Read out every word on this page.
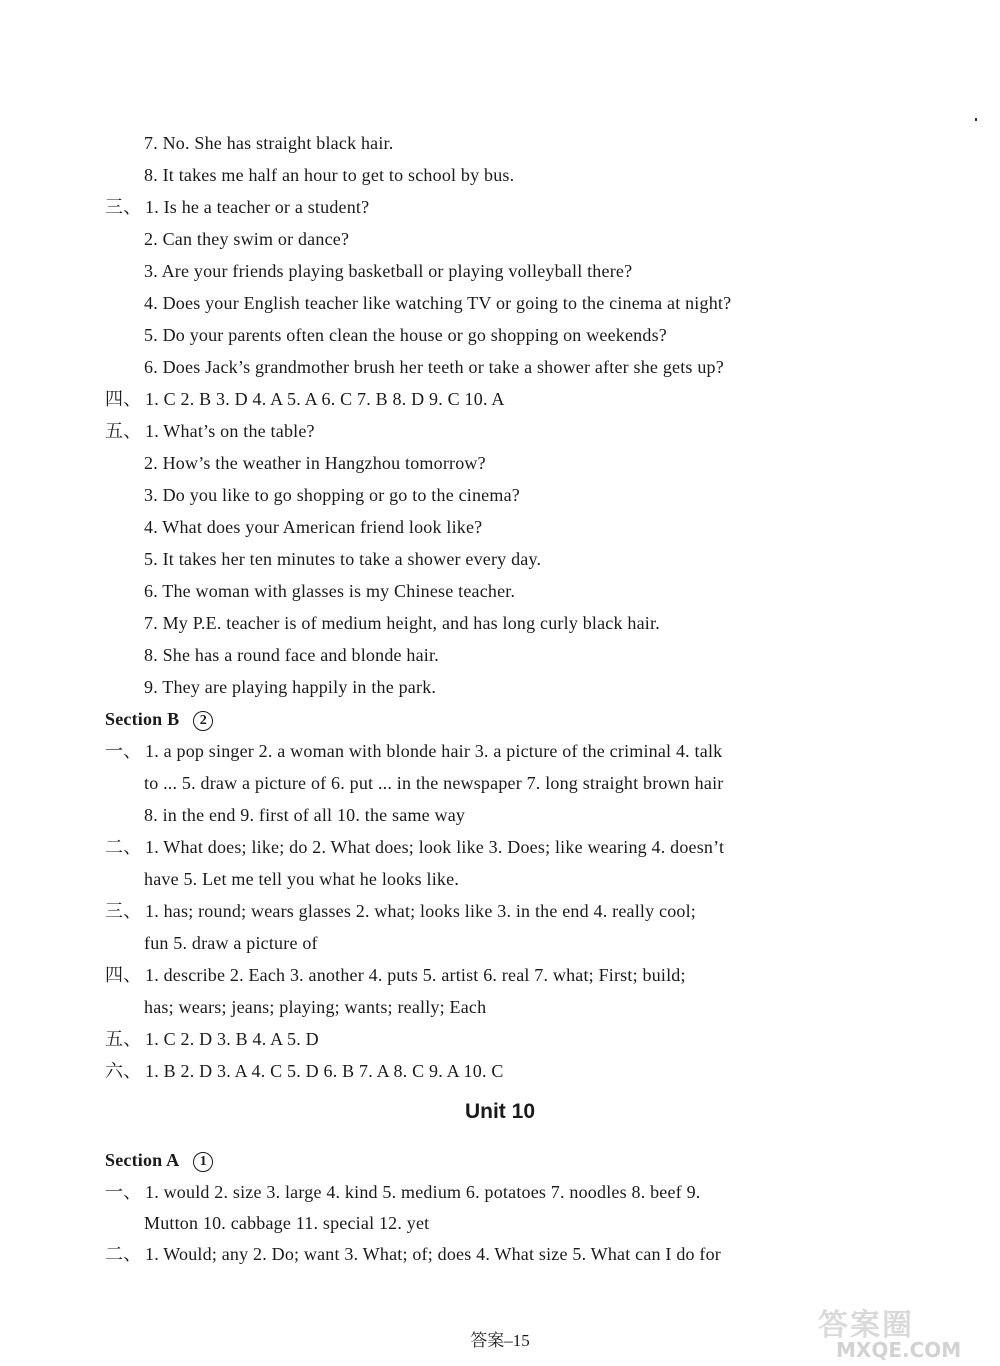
7. No. She has straight black hair.
8. It takes me half an hour to get to school by bus.
三、 1. Is he a teacher or a student?
2. Can they swim or dance?
3. Are your friends playing basketball or playing volleyball there?
4. Does your English teacher like watching TV or going to the cinema at night?
5. Do your parents often clean the house or go shopping on weekends?
6. Does Jack’s grandmother brush her teeth or take a shower after she gets up?
四、 1. C 2. B 3. D 4. A 5. A 6. C 7. B 8. D 9. C 10. A
五、 1. What’s on the table?
2. How’s the weather in Hangzhou tomorrow?
3. Do you like to go shopping or go to the cinema?
4. What does your American friend look like?
5. It takes her ten minutes to take a shower every day.
6. The woman with glasses is my Chinese teacher.
7. My P.E. teacher is of medium height, and has long curly black hair.
8. She has a round face and blonde hair.
9. They are playing happily in the park.
Section B 2
一、 1. a pop singer 2. a woman with blonde hair 3. a picture of the criminal 4. talk
to ... 5. draw a picture of 6. put ... in the newspaper 7. long straight brown hair
8. in the end 9. first of all 10. the same way
二、 1. What does; like; do 2. What does; look like 3. Does; like wearing 4. doesn’t
have 5. Let me tell you what he looks like.
三、 1. has; round; wears glasses 2. what; looks like 3. in the end 4. really cool;
fun 5. draw a picture of
四、 1. describe 2. Each 3. another 4. puts 5. artist 6. real 7. what; First; build;
has; wears; jeans; playing; wants; really; Each
五、 1. C 2. D 3. B 4. A 5. D
六、 1. B 2. D 3. A 4. C 5. D 6. B 7. A 8. C 9. A 10. C
Unit 10
Section A 1
一、 1. would 2. size 3. large 4. kind 5. medium 6. potatoes 7. noodles 8. beef 9.
Mutton 10. cabbage 11. special 12. yet
二、 1. Would; any 2. Do; want 3. What; of; does 4. What size 5. What can I do for
答案–15	答案圈
MXQE.COM
